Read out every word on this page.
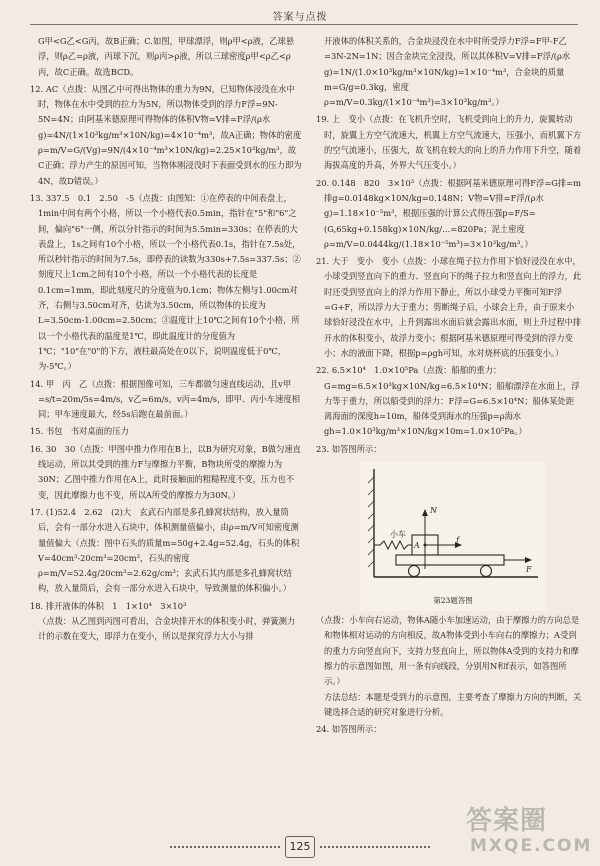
答案与点拨

G甲<G乙<G丙，故B正确；C.如图，甲球漂浮，则ρ甲<ρ液，乙球悬浮，则ρ乙=ρ液，丙球下沉，则ρ丙>ρ液，所以三球密度ρ甲<ρ乙<ρ丙，故C正确。故选BCD。

12. AC（点拨：从图乙中可得出物体的重力为9N，已知物体浸没在水中时，物体在水中受到的拉力为5N，所以物体受到的浮力F浮=9N-5N=4N；由阿基米德原理可得物体的体积V物=V排=F浮/(ρ水g)=4N/(1×10³kg/m³×10N/kg)=4×10⁻⁴m³，故A正确；物体的密度ρ=m/V=G/(Vg)=9N/(4×10⁻⁴m³×10N/kg)=2.25×10³kg/m³，故C正确；浮力产生的原因可知，当物体刚浸没时下表面受到水的压力即为4N，故D错误。）

13. 337.5　0.1　2.50　-5（点拨：由图知：①在停表的中间表盘上，1min中间有两个小格，所以一个小格代表0.5min，指针在"5"和"6"之间，偏向"6"一侧，所以分针指示的时间为5.5min=330s；在停表的大表盘上，1s之间有10个小格，所以一个小格代表0.1s，指针在7.5s处，所以秒针指示的时间为7.5s，即停表的读数为330s+7.5s=337.5s；②刻度尺上1cm之间有10个小格，所以一个小格代表的长度是0.1cm=1mm，即此刻度尺的分度值为0.1cm；物体左侧与1.00cm对齐，右侧与3.50cm对齐，估读为3.50cm，所以物体的长度为L=3.50cm-1.00cm=2.50cm；③温度计上10℃之间有10个小格，所以一个小格代表的温度是1℃，即此温度计的分度值为1℃；"10"在"0"的下方，液柱最高处在0以下，说明温度低于0℃，为-5℃。）

14. 甲　丙　乙（点拨：根据图像可知，三车都做匀速直线运动，且v甲=s/t=20m/5s=4m/s，v乙=6m/s，v丙=4m/s，即甲、丙小车速度相同；甲车速度最大，经5s后跑在最前面。）

15. 书包　书对桌面的压力

16. 30　30（点拨：甲图中推力作用在B上，以B为研究对象，B做匀速直线运动，所以其受到的推力F与摩擦力平衡，B物块所受的摩擦力为30N；乙图中推力作用在A上，此时接触面的粗糙程度不变，压力也不变，因此摩擦力也不变，所以A所受的摩擦力为30N。）

17. (1)52.4　2.62　(2)大　玄武石内部是多孔蜂窝状结构，放入量筒后，会有一部分水进入石块中，体积测量值偏小，由ρ=m/V可知密度测量值偏大（点拨：图中石头的质量m=50g+2.4g=52.4g，石头的体积V=40cm³-20cm³=20cm³，石头的密度ρ=m/V=52.4g/20cm³=2.62g/cm³；玄武石其内部是多孔蜂窝状结构，放入量筒后，会有一部分水进入石块中，导致测量的体积偏小。）

18. 排开液体的体积　1　1×10⁴　3×10³

（点拨：从乙图到丙图可看出，合金块排开水的体积变小时，弹簧测力计的示数在变大，即浮力在变小，所以是探究浮力大小与排

开液体的体积关系的，合金块浸没在水中时所受浮力F浮=F甲-F乙=3N-2N=1N；因合金块完全浸没，所以其体积V=V排=F浮/(ρ水g)=1N/(1.0×10³kg/m³×10N/kg)=1×10⁻⁴m³，合金块的质量m=G/g=0.3kg，密度ρ=m/V=0.3kg/(1×10⁻⁴m³)=3×10³kg/m³。）

19. 上　变小（点拨：在飞机升空时，飞机受到向上的升力，旋翼转动时，旋翼上方空气流速大，机翼上方空气流速大，压强小，而机翼下方的空气流速小，压强大，故飞机在较大的向上的升力作用下升空，随着海拔高度的升高，外界大气压变小。）

20. 0.148　820　3×10³（点拨：根据阿基米德原理可得F浮=G排=m排g=0.0148kg×10N/kg=0.148N；V物=V排=F浮/(ρ水g)=1.18×10⁻⁵m³，根据压强的计算公式得压强p=F/S=(G,65kg+0.158kg)×10N/kg/…=820Pa；泥土密度ρ=m/V=0.0444kg/(1.18×10⁻⁵m³)=3×10³kg/m³。）

21. 大于　变小　变小（点拨：小球在绳子拉力作用下恰好浸没在水中，小球受到竖直向下的重力、竖直向下的绳子拉力和竖直向上的浮力，此时还受到竖直向上的浮力作用下静止，所以小球受力平衡可知F浮=G+F，所以浮力大于重力；剪断绳子后，小球会上升，由于原来小球恰好浸没在水中，上升到露出水面后就会露出水面，则上升过程中排开水的体积变小，故浮力变小；根据阿基米德原理可得受到的浮力变小；水的液面下降，根据p=ρgh可知，水对烧杯底的压强变小。）

22. 6.5×10⁴　1.0×10⁵Pa（点拨：船舶的重力：G=mg=6.5×10³kg×10N/kg=6.5×10⁴N；船舶漂浮在水面上，浮力等于重力，所以船受到的浮力：F浮=G=6.5×10⁴N；船体某处距离海面的深度h=10m，船体受到海水的压强p=ρ海水gh=1.0×10³kg/m³×10N/kg×10m=1.0×10⁵Pa。）

23. 如答图所示：

N
小车
A
f
F
第23题答图

（点拨：小车向右运动，物体A随小车加速运动，由于摩擦力的方向总是和物体相对运动的方向相反，故A物体受到小车向右的摩擦力；A受到的重力方向竖直向下，支持力竖直向上，所以物体A受到的支持力和摩擦力的示意图如图，用一条有向线段，分别用N和f表示，如答图所示。）

方法总结：本题是受到力的示意图，主要考查了摩擦力方向的判断，关键选择合适的研究对象进行分析。

24. 如答图所示：

125
答案圈
MXQE.COM
